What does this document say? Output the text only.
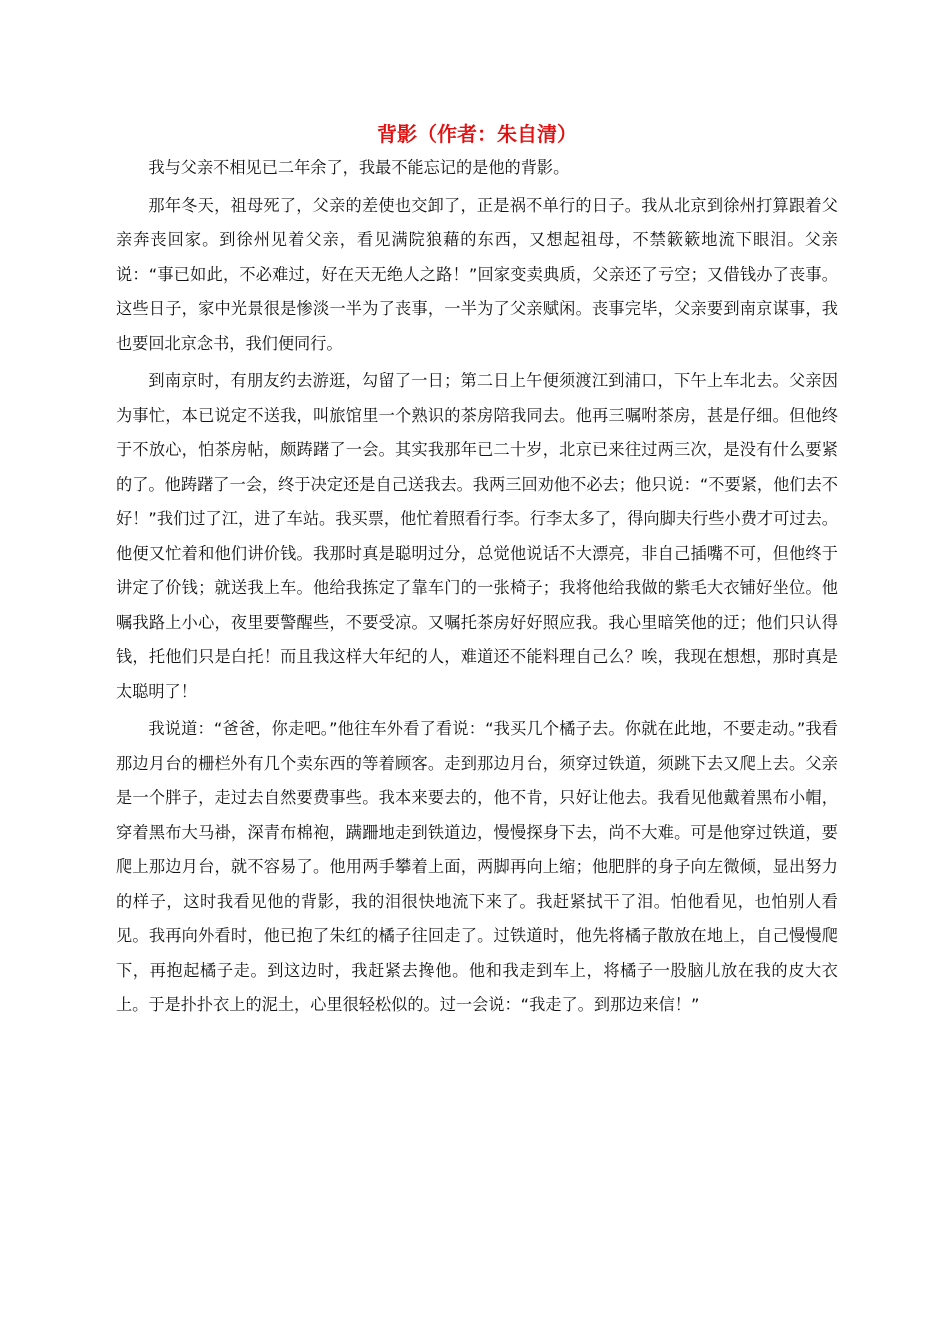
背影（作者：朱自清）

我与父亲不相见已二年余了，我最不能忘记的是他的背影。

那年冬天，祖母死了，父亲的差使也交卸了，正是祸不单行的日子。我从北京到徐州打算跟着父亲奔丧回家。到徐州见着父亲，看见满院狼藉的东西，又想起祖母，不禁簌簌地流下眼泪。父亲说：“事已如此，不必难过，好在天无绝人之路！”回家变卖典质，父亲还了亏空；又借钱办了丧事。这些日子，家中光景很是惨淡一半为了丧事，一半为了父亲赋闲。丧事完毕，父亲要到南京谋事，我也要回北京念书，我们便同行。

到南京时，有朋友约去游逛，勾留了一日；第二日上午便须渡江到浦口，下午上车北去。父亲因为事忙，本已说定不送我，叫旅馆里一个熟识的茶房陪我同去。他再三嘱咐茶房，甚是仔细。但他终于不放心，怕茶房帖，颇踌躇了一会。其实我那年已二十岁，北京已来往过两三次，是没有什么要紧的了。他踌躇了一会，终于决定还是自己送我去。我两三回劝他不必去；他只说：“不要紧，他们去不好！”我们过了江，进了车站。我买票，他忙着照看行李。行李太多了，得向脚夫行些小费才可过去。他便又忙着和他们讲价钱。我那时真是聪明过分，总觉他说话不大漂亮，非自己插嘴不可，但他终于讲定了价钱；就送我上车。他给我拣定了靠车门的一张椅子；我将他给我做的紫毛大衣铺好坐位。他嘱我路上小心，夜里要警醒些，不要受凉。又嘱托茶房好好照应我。我心里暗笑他的迂；他们只认得钱，托他们只是白托！而且我这样大年纪的人，难道还不能料理自己么？唉，我现在想想，那时真是太聪明了！

我说道：“爸爸，你走吧。”他往车外看了看说：“我买几个橘子去。你就在此地，不要走动。”我看那边月台的栅栏外有几个卖东西的等着顾客。走到那边月台，须穿过铁道，须跳下去又爬上去。父亲是一个胖子，走过去自然要费事些。我本来要去的，他不肯，只好让他去。我看见他戴着黑布小帽，穿着黑布大马褂，深青布棉袍，蹒跚地走到铁道边，慢慢探身下去，尚不大难。可是他穿过铁道，要爬上那边月台，就不容易了。他用两手攀着上面，两脚再向上缩；他肥胖的身子向左微倾，显出努力的样子，这时我看见他的背影，我的泪很快地流下来了。我赶紧拭干了泪。怕他看见，也怕别人看见。我再向外看时，他已抱了朱红的橘子往回走了。过铁道时，他先将橘子散放在地上，自己慢慢爬下，再抱起橘子走。到这边时，我赶紧去搀他。他和我走到车上，将橘子一股脑儿放在我的皮大衣上。于是扑扑衣上的泥土，心里很轻松似的。过一会说：“我走了。到那边来信！”
